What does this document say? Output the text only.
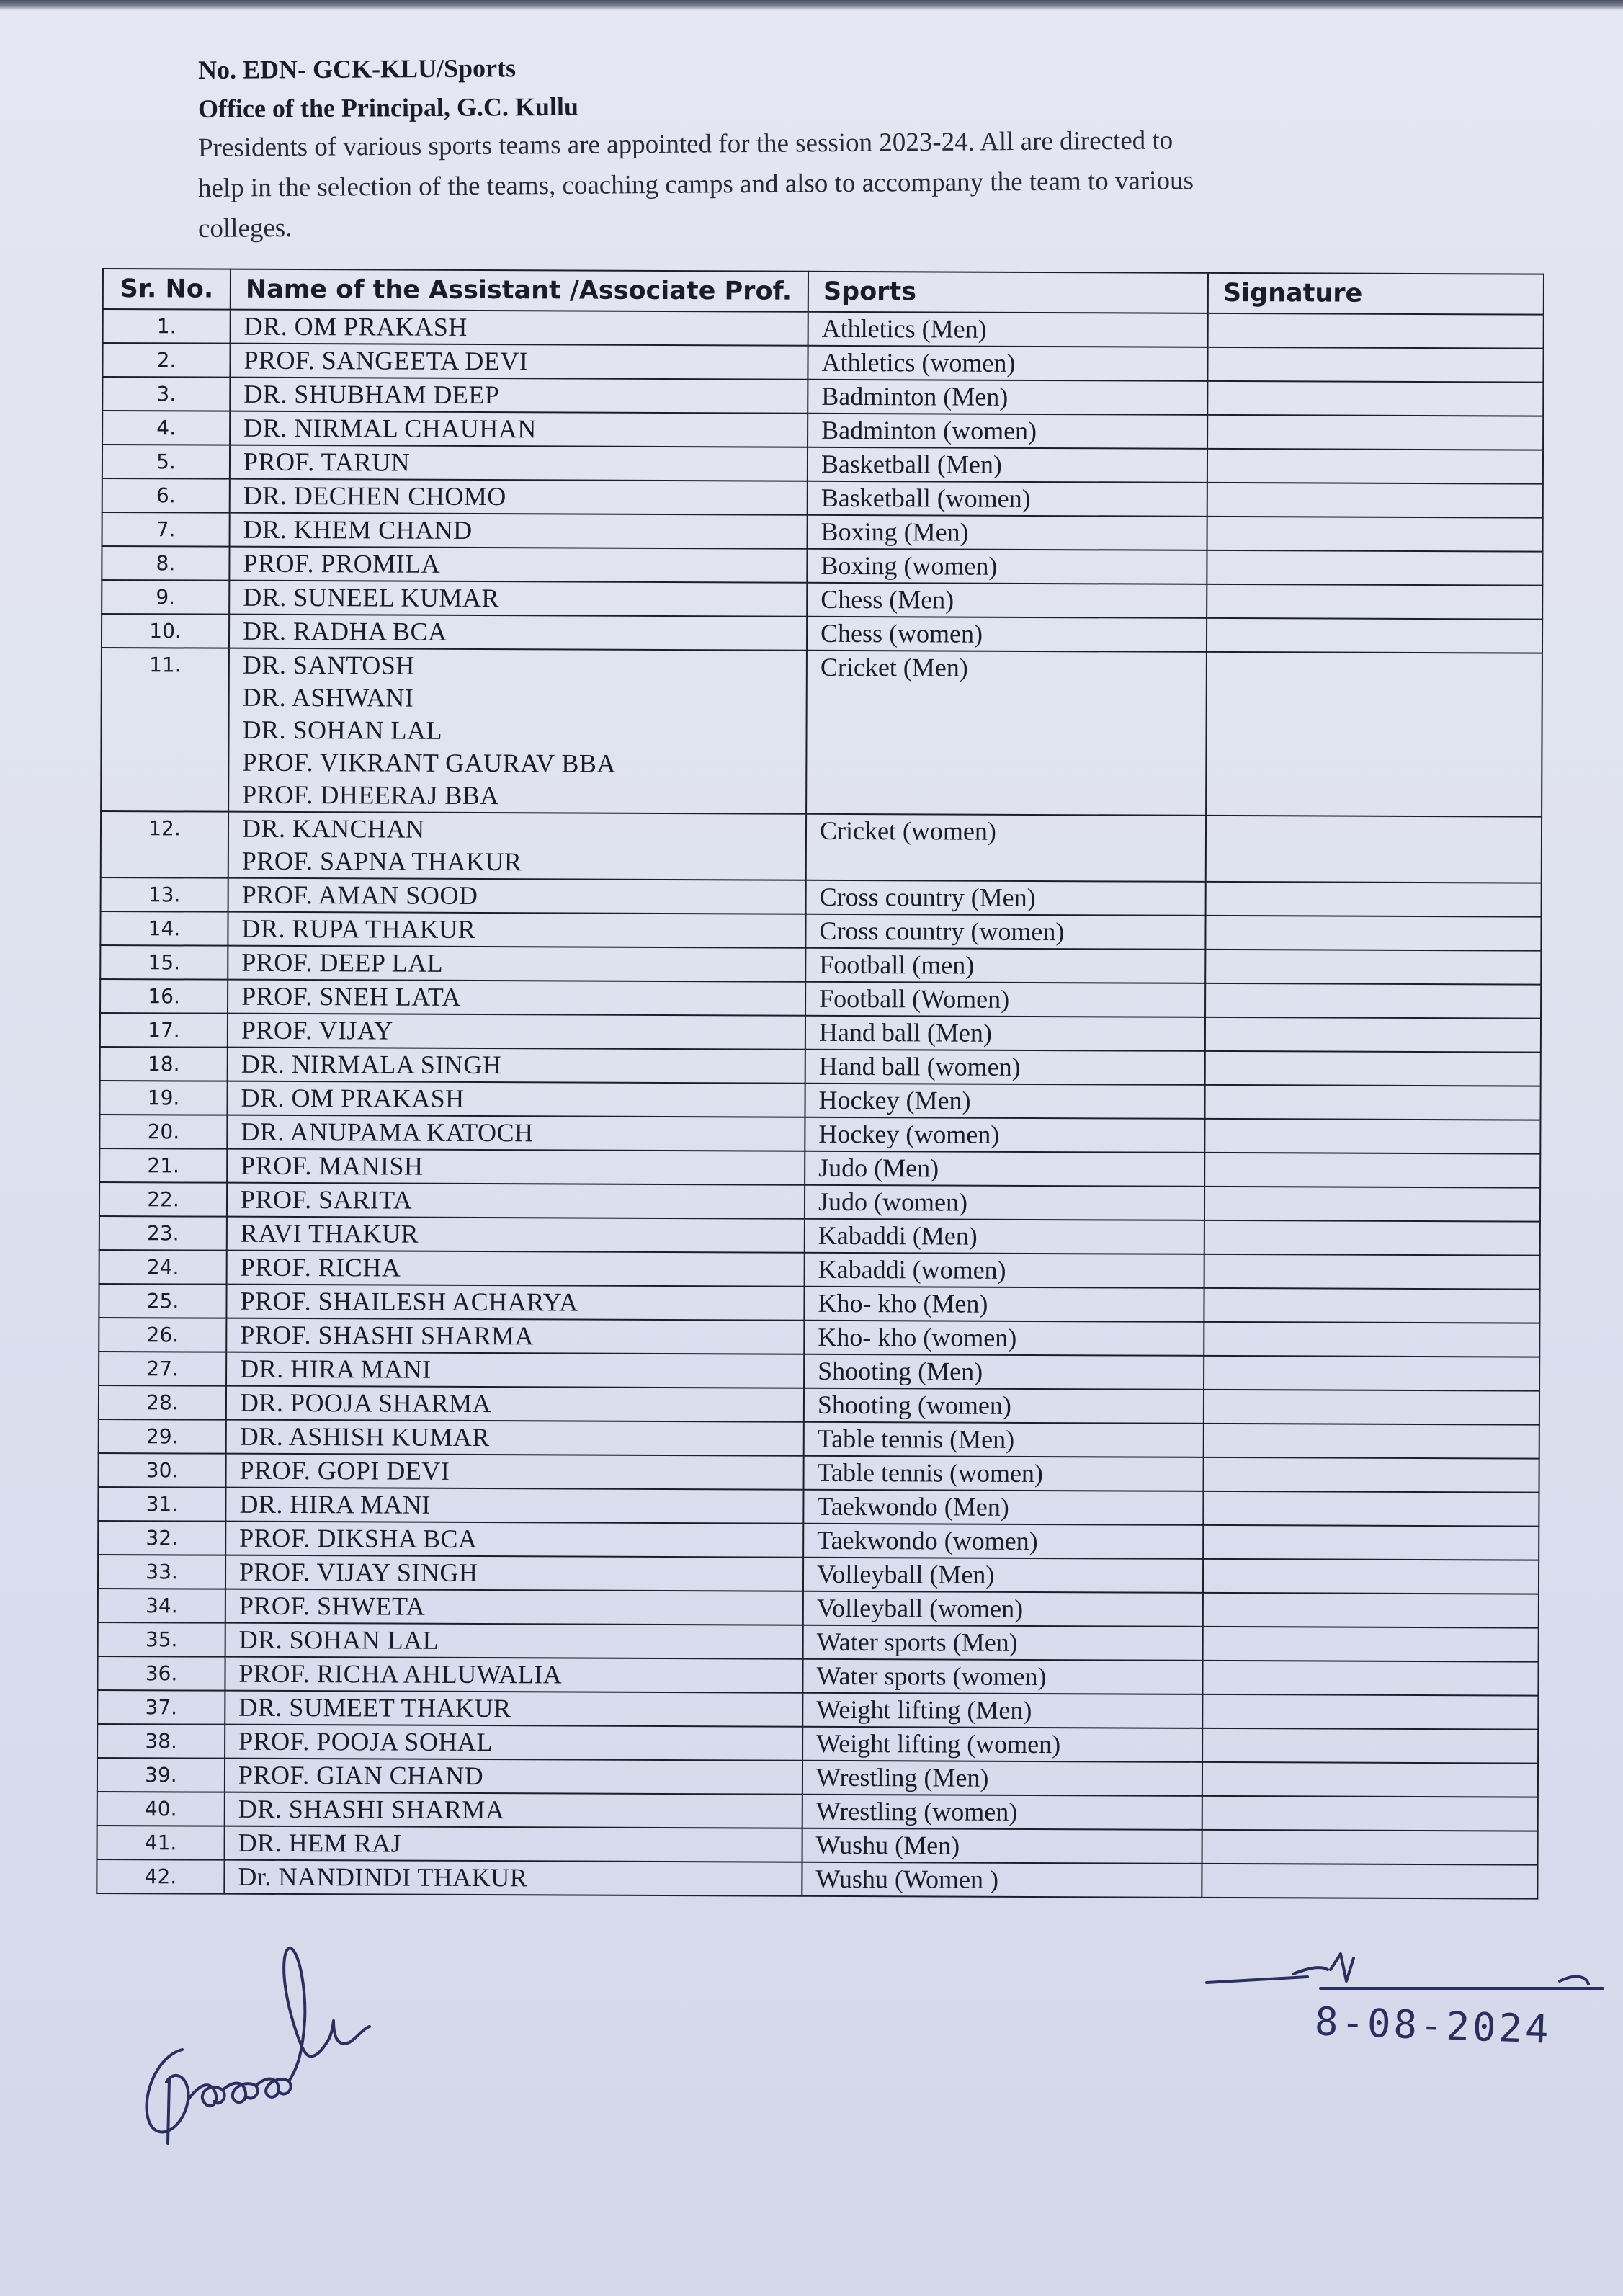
No. EDN- GCK-KLU/Sports

Office of the Principal, G.C. Kullu

Presidents of various sports teams are appointed for the session 2023-24. All are directed to

help in the selection of the teams, coaching camps and also to accompany the team to various

colleges.

Sr. No.	Name of the Assistant /Associate Prof.	Sports	Signature
1.	DR. OM PRAKASH	Athletics (Men)	
2.	PROF. SANGEETA DEVI	Athletics (women)	
3.	DR. SHUBHAM DEEP	Badminton (Men)	
4.	DR. NIRMAL CHAUHAN	Badminton (women)	
5.	PROF. TARUN	Basketball (Men)	
6.	DR. DECHEN CHOMO	Basketball (women)	
7.	DR. KHEM CHAND	Boxing (Men)	
8.	PROF. PROMILA	Boxing (women)	
9.	DR. SUNEEL KUMAR	Chess (Men)	
10.	DR. RADHA BCA	Chess (women)	
11.	DR. SANTOSH
DR. ASHWANI
DR. SOHAN LAL
PROF. VIKRANT GAURAV BBA
PROF. DHEERAJ BBA	Cricket (Men)	
12.	DR. KANCHAN
PROF. SAPNA THAKUR	Cricket (women)	
13.	PROF. AMAN SOOD	Cross country (Men)	
14.	DR. RUPA THAKUR	Cross country (women)	
15.	PROF. DEEP LAL	Football (men)	
16.	PROF. SNEH LATA	Football (Women)	
17.	PROF. VIJAY	Hand ball (Men)	
18.	DR. NIRMALA SINGH	Hand ball (women)	
19.	DR. OM PRAKASH	Hockey (Men)	
20.	DR. ANUPAMA KATOCH	Hockey (women)	
21.	PROF. MANISH	Judo (Men)	
22.	PROF. SARITA	Judo (women)	
23.	RAVI THAKUR	Kabaddi (Men)	
24.	PROF. RICHA	Kabaddi (women)	
25.	PROF. SHAILESH ACHARYA	Kho- kho (Men)	
26.	PROF. SHASHI SHARMA	Kho- kho (women)	
27.	DR. HIRA MANI	Shooting (Men)	
28.	DR. POOJA SHARMA	Shooting (women)	
29.	DR. ASHISH KUMAR	Table tennis (Men)	
30.	PROF. GOPI DEVI	Table tennis (women)	
31.	DR. HIRA MANI	Taekwondo (Men)	
32.	PROF. DIKSHA BCA	Taekwondo (women)	
33.	PROF. VIJAY SINGH	Volleyball (Men)	
34.	PROF. SHWETA	Volleyball (women)	
35.	DR. SOHAN LAL	Water sports (Men)	
36.	PROF. RICHA AHLUWALIA	Water sports (women)	
37.	DR. SUMEET THAKUR	Weight lifting (Men)	
38.	PROF. POOJA SOHAL	Weight lifting (women)	
39.	PROF. GIAN CHAND	Wrestling (Men)	
40.	DR. SHASHI SHARMA	Wrestling (women)	
41.	DR. HEM RAJ	Wushu (Men)	
42.	Dr. NANDINDI THAKUR	Wushu (Women )	
8-08-2024
